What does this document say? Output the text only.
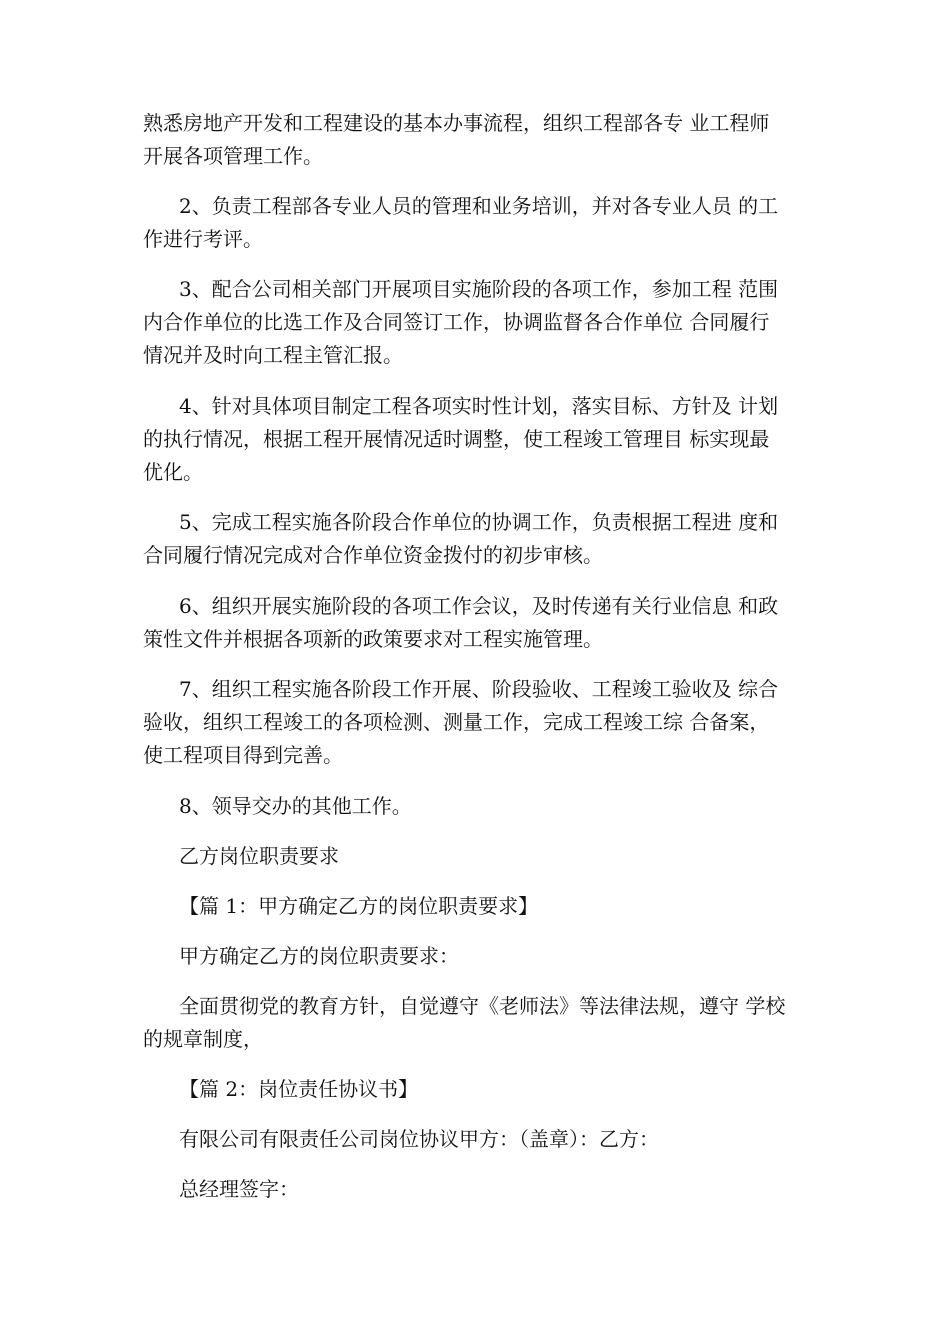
熟悉房地产开发和工程建设的基本办事流程，组织工程部各专 业工程师
开展各项管理工作。

2、负责工程部各专业人员的管理和业务培训，并对各专业人员 的工
作进行考评。

3、配合公司相关部门开展项目实施阶段的各项工作，参加工程 范围
内合作单位的比选工作及合同签订工作，协调监督各合作单位 合同履行
情况并及时向工程主管汇报。

4、针对具体项目制定工程各项实时性计划，落实目标、方针及 计划
的执行情况，根据工程开展情况适时调整，使工程竣工管理目 标实现最
优化。

5、完成工程实施各阶段合作单位的协调工作，负责根据工程进 度和
合同履行情况完成对合作单位资金拨付的初步审核。

6、组织开展实施阶段的各项工作会议，及时传递有关行业信息 和政
策性文件并根据各项新的政策要求对工程实施管理。

7、组织工程实施各阶段工作开展、阶段验收、工程竣工验收及 综合
验收，组织工程竣工的各项检测、测量工作，完成工程竣工综 合备案，
使工程项目得到完善。

8、领导交办的其他工作。

乙方岗位职责要求

【篇 1：甲方确定乙方的岗位职责要求】

甲方确定乙方的岗位职责要求：

全面贯彻党的教育方针，自觉遵守《老师法》等法律法规，遵守 学校
的规章制度，

【篇 2：岗位责任协议书】

有限公司有限责任公司岗位协议甲方：（盖章）：乙方：

总经理签字：
